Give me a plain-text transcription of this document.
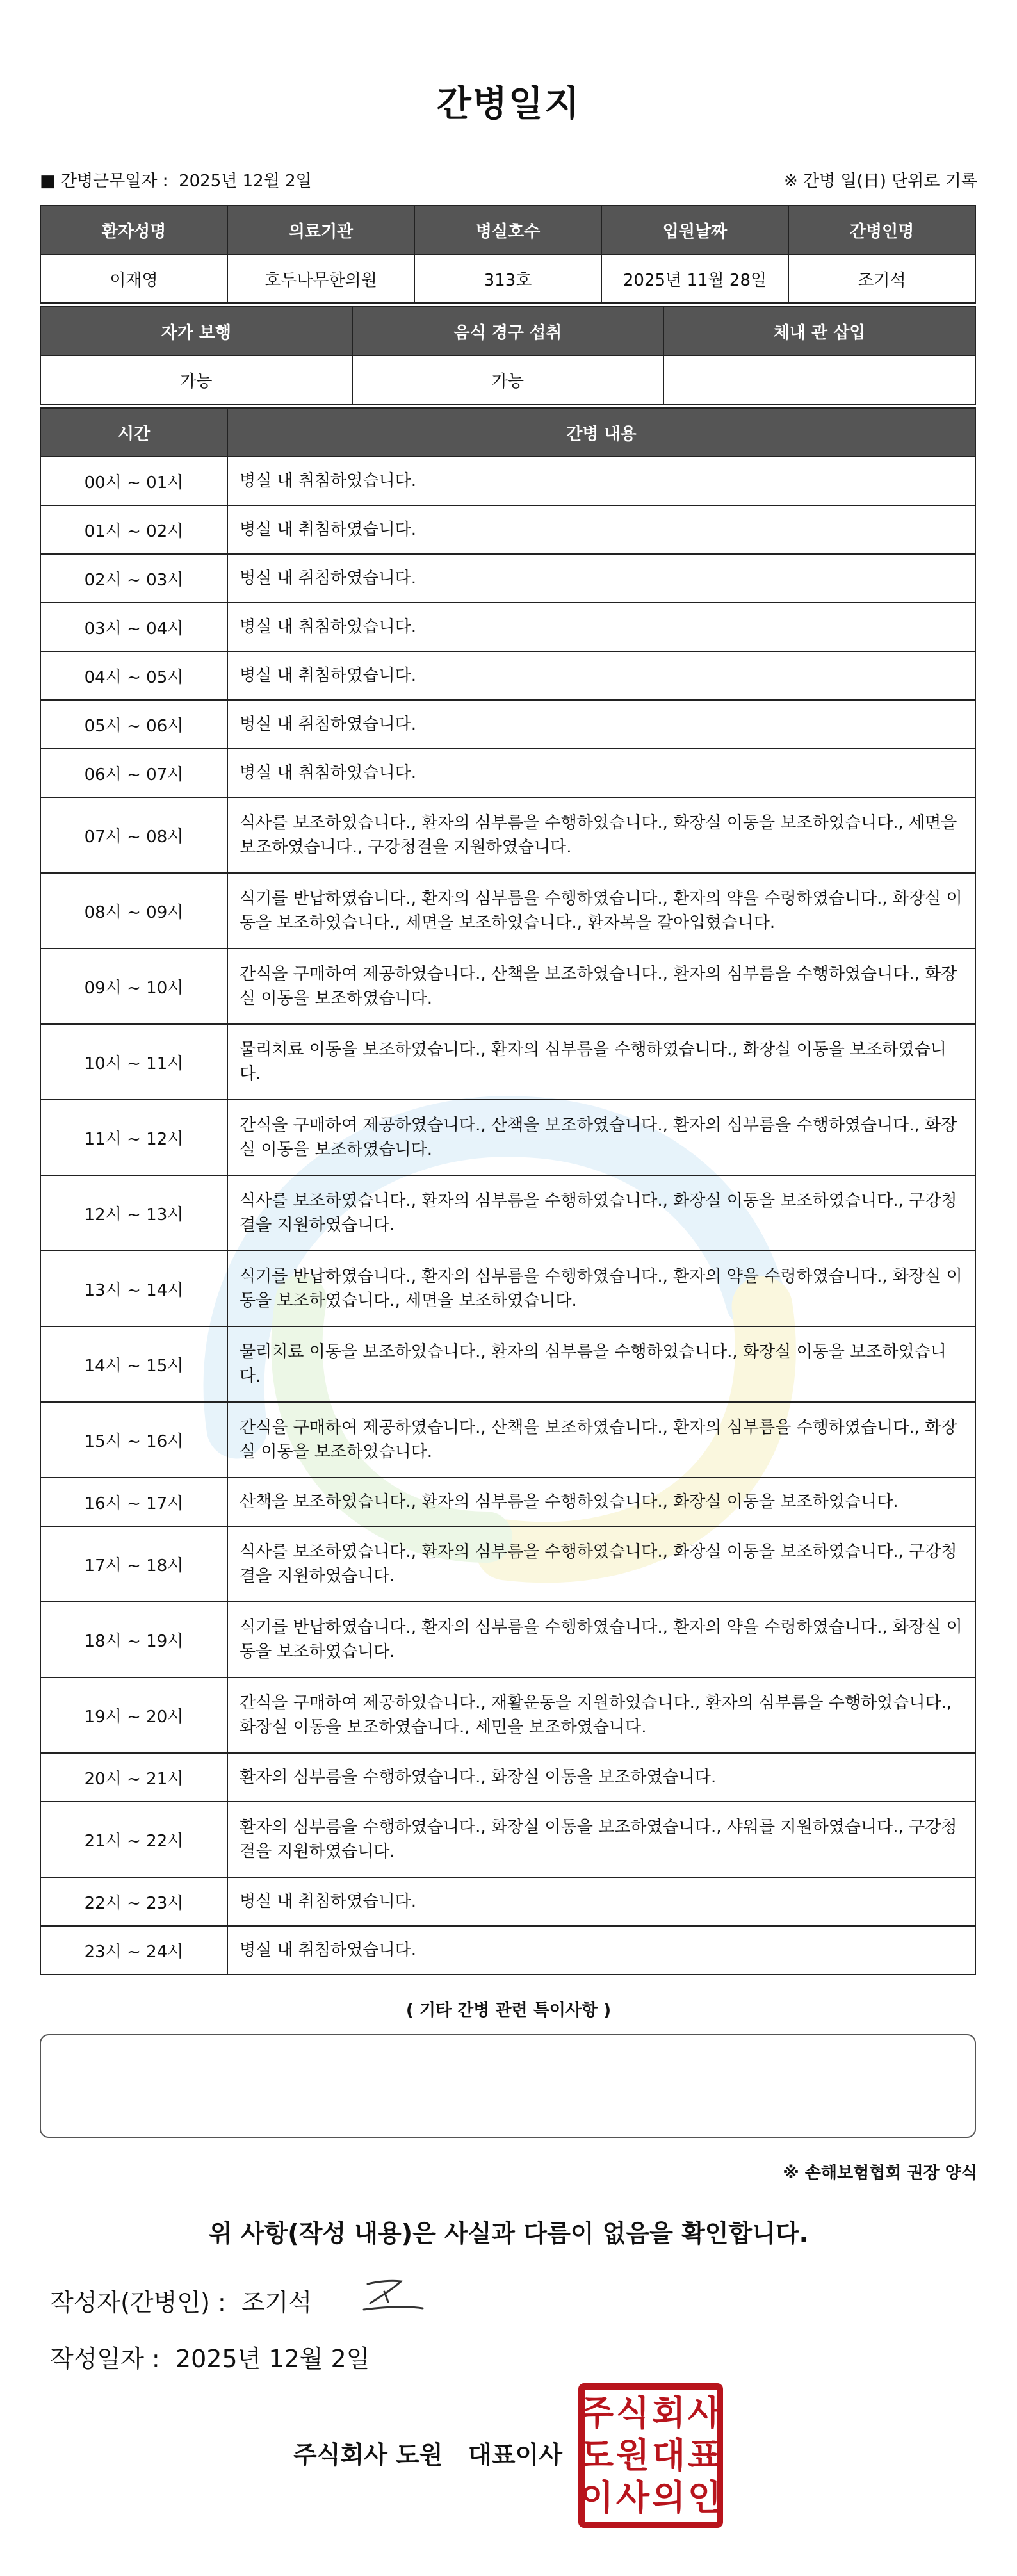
간병일지
■ 간병근무일자 : 2025년 12월 2일	※ 간병 일(日) 단위로 기록
환자성명	의료기관	병실호수	입원날짜	간병인명
이재영	호두나무한의원	313호	2025년 11월 28일	조기석
자가 보행	음식 경구 섭취	체내 관 삽입
가능	가능	
시간	간병 내용
00시 ~ 01시	병실 내 취침하였습니다.
01시 ~ 02시	병실 내 취침하였습니다.
02시 ~ 03시	병실 내 취침하였습니다.
03시 ~ 04시	병실 내 취침하였습니다.
04시 ~ 05시	병실 내 취침하였습니다.
05시 ~ 06시	병실 내 취침하였습니다.
06시 ~ 07시	병실 내 취침하였습니다.
07시 ~ 08시	식사를 보조하였습니다., 환자의 심부름을 수행하였습니다., 화장실 이동을 보조하였습니다., 세면을 보조하였습니다., 구강청결을 지원하였습니다.
08시 ~ 09시	식기를 반납하였습니다., 환자의 심부름을 수행하였습니다., 환자의 약을 수령하였습니다., 화장실 이동을 보조하였습니다., 세면을 보조하였습니다., 환자복을 갈아입혔습니다.
09시 ~ 10시	간식을 구매하여 제공하였습니다., 산책을 보조하였습니다., 환자의 심부름을 수행하였습니다., 화장실 이동을 보조하였습니다.
10시 ~ 11시	물리치료 이동을 보조하였습니다., 환자의 심부름을 수행하였습니다., 화장실 이동을 보조하였습니다.
11시 ~ 12시	간식을 구매하여 제공하였습니다., 산책을 보조하였습니다., 환자의 심부름을 수행하였습니다., 화장실 이동을 보조하였습니다.
12시 ~ 13시	식사를 보조하였습니다., 환자의 심부름을 수행하였습니다., 화장실 이동을 보조하였습니다., 구강청결을 지원하였습니다.
13시 ~ 14시	식기를 반납하였습니다., 환자의 심부름을 수행하였습니다., 환자의 약을 수령하였습니다., 화장실 이동을 보조하였습니다., 세면을 보조하였습니다.
14시 ~ 15시	물리치료 이동을 보조하였습니다., 환자의 심부름을 수행하였습니다., 화장실 이동을 보조하였습니다.
15시 ~ 16시	간식을 구매하여 제공하였습니다., 산책을 보조하였습니다., 환자의 심부름을 수행하였습니다., 화장실 이동을 보조하였습니다.
16시 ~ 17시	산책을 보조하였습니다., 환자의 심부름을 수행하였습니다., 화장실 이동을 보조하였습니다.
17시 ~ 18시	식사를 보조하였습니다., 환자의 심부름을 수행하였습니다., 화장실 이동을 보조하였습니다., 구강청결을 지원하였습니다.
18시 ~ 19시	식기를 반납하였습니다., 환자의 심부름을 수행하였습니다., 환자의 약을 수령하였습니다., 화장실 이동을 보조하였습니다.
19시 ~ 20시	간식을 구매하여 제공하였습니다., 재활운동을 지원하였습니다., 환자의 심부름을 수행하였습니다., 화장실 이동을 보조하였습니다., 세면을 보조하였습니다.
20시 ~ 21시	환자의 심부름을 수행하였습니다., 화장실 이동을 보조하였습니다.
21시 ~ 22시	환자의 심부름을 수행하였습니다., 화장실 이동을 보조하였습니다., 샤워를 지원하였습니다., 구강청결을 지원하였습니다.
22시 ~ 23시	병실 내 취침하였습니다.
23시 ~ 24시	병실 내 취침하였습니다.
( 기타 간병 관련 특이사항 )
※ 손해보험협회 권장 양식
위 사항(작성 내용)은 사실과 다름이 없음을 확인합니다.
작성자(간병인) : 조기석
작성일자 : 2025년 12월 2일
주식회사 도원   대표이사
주 식 회 사
도 원 대 표
이 사 의 인
